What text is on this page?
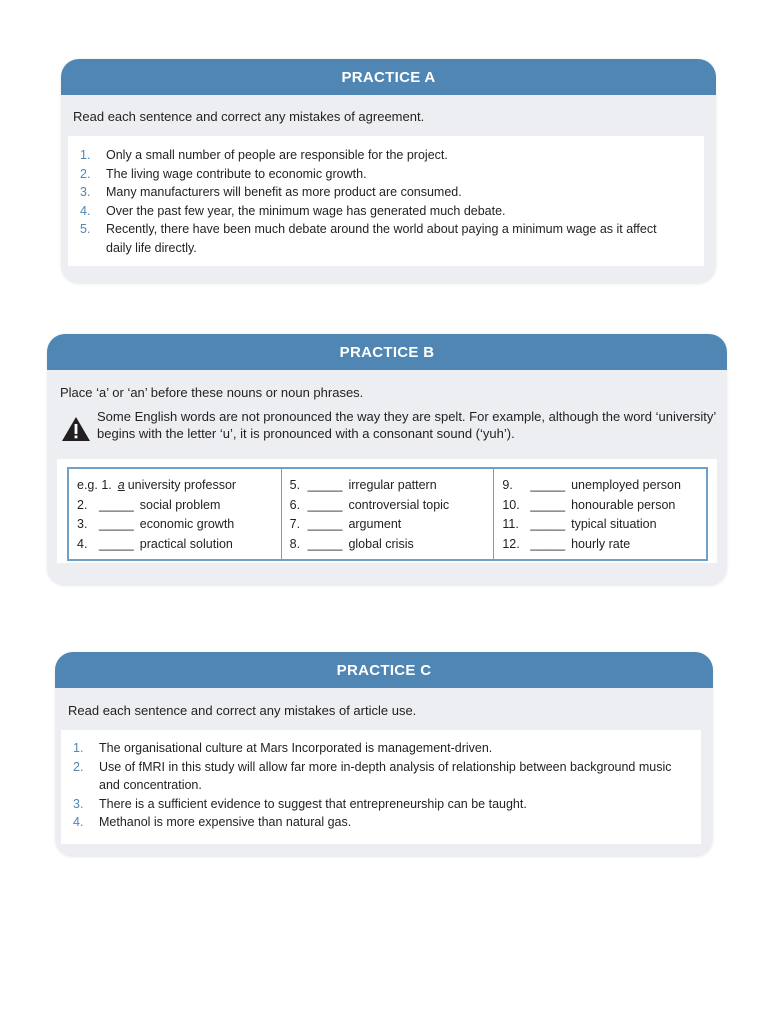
PRACTICE A
Read each sentence and correct any mistakes of agreement.
1.	Only a small number of people are responsible for the project.
2.	The living wage contribute to economic growth.
3.	Many manufacturers will benefit as more product are consumed.
4.	Over the past few year, the minimum wage has generated much debate.
5.	Recently, there have been much debate around the world about paying a minimum wage as it affect daily life directly.
PRACTICE B
Place ‘a’ or ‘an’ before these nouns or noun phrases.
Some English words are not pronounced the way they are spelt. For example, although the word ‘university’ begins with the letter ‘u’, it is pronounced with a consonant sound (‘yuh’).
e.g. 1. a university professor
2. _____ social problem
3. _____ economic growth
4. _____ practical solution
5. _____ irregular pattern
6. _____ controversial topic
7. _____ argument
8. _____ global crisis
9.	_____ unemployed person
10. _____ honourable person
11. _____ typical situation
12. _____ hourly rate
PRACTICE C
Read each sentence and correct any mistakes of article use.
1.	The organisational culture at Mars Incorporated is management-driven.
2.	Use of fMRI in this study will allow far more in-depth analysis of relationship between background music and concentration.
3.	There is a sufficient evidence to suggest that entrepreneurship can be taught.
4.	Methanol is more expensive than natural gas.
